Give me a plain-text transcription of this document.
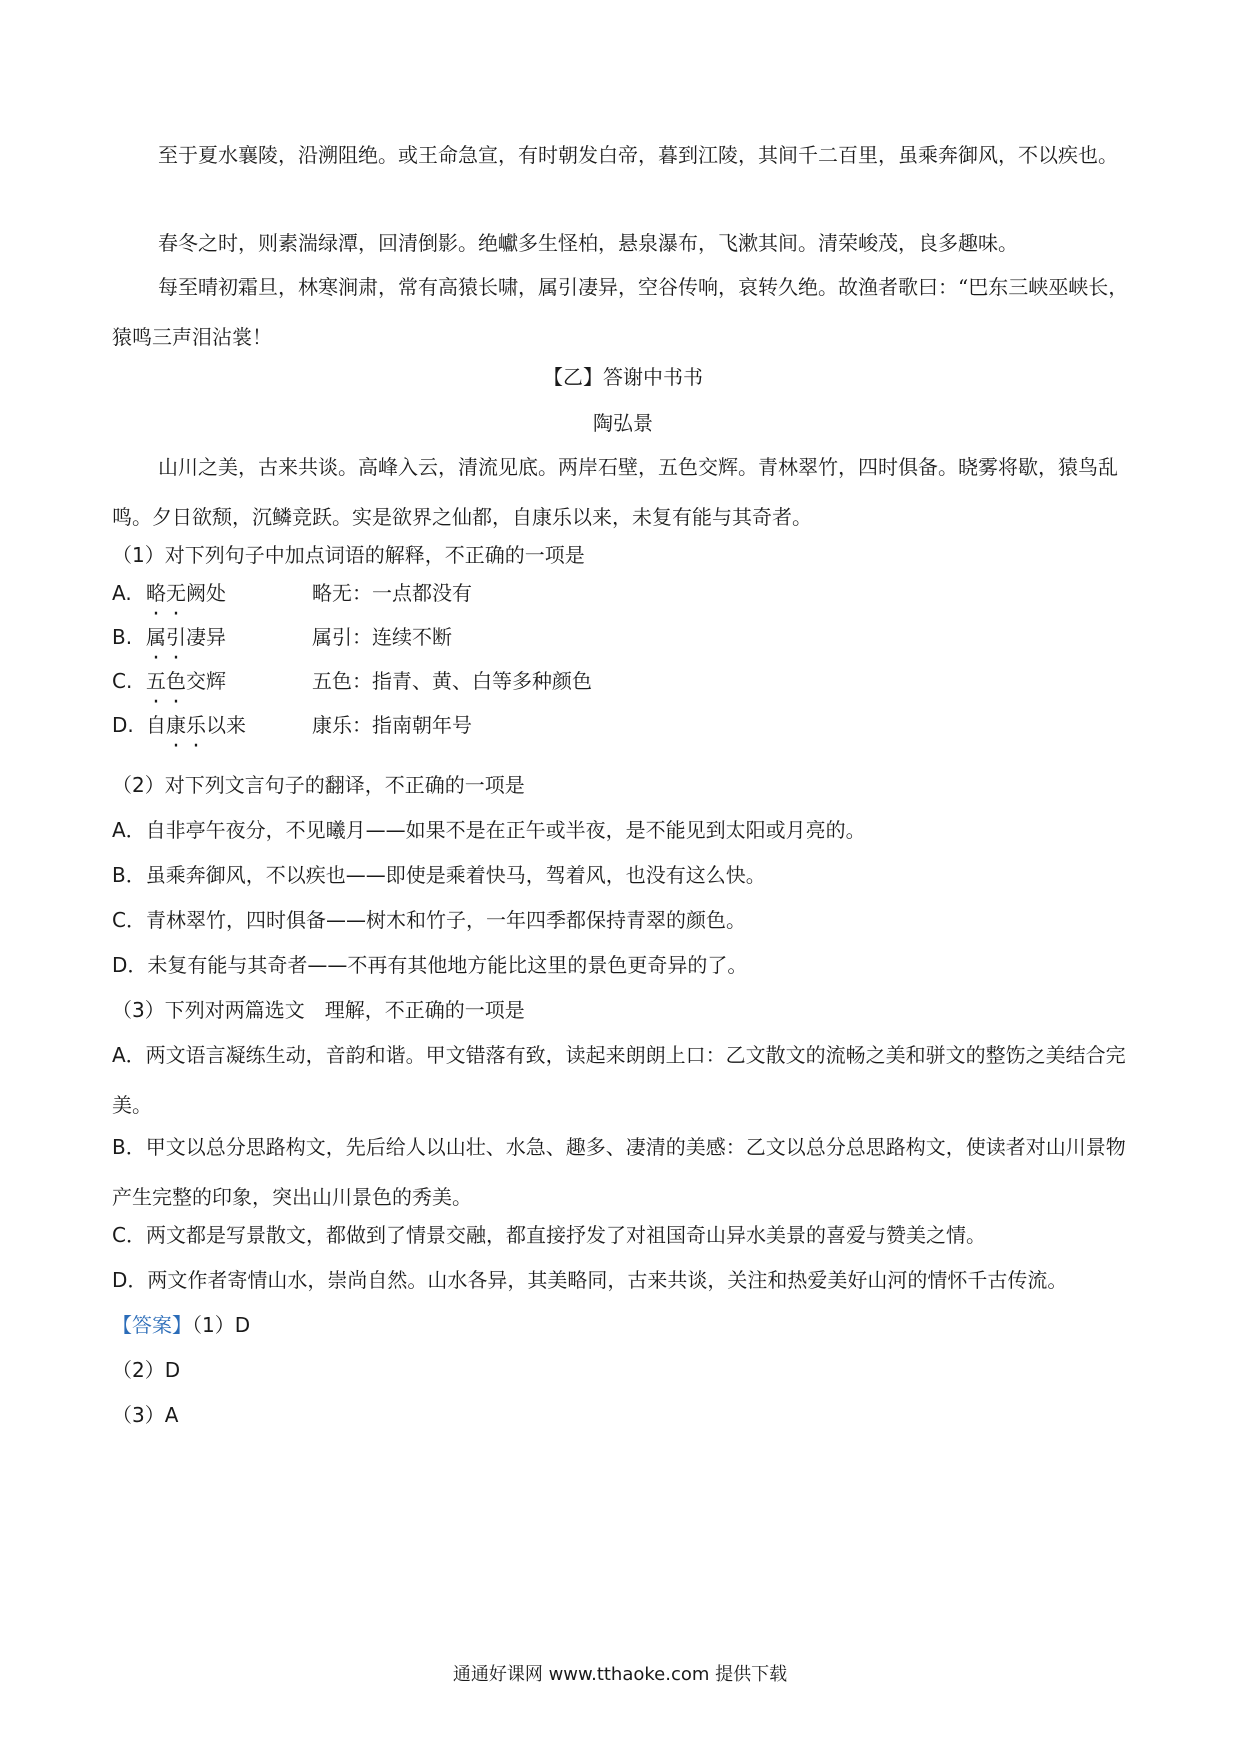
至于夏水襄陵，沿溯阻绝。或王命急宣，有时朝发白帝，暮到江陵，其间千二百里，虽乘奔御风，不以疾也。

春冬之时，则素湍绿潭，回清倒影。绝巘多生怪柏，悬泉瀑布，飞漱其间。清荣峻茂，良多趣味。

每至晴初霜旦，林寒涧肃，常有高猿长啸，属引凄异，空谷传响，哀转久绝。故渔者歌曰：“巴东三峡巫峡长，猿鸣三声泪沾裳！

【乙】答谢中书书

陶弘景

山川之美，古来共谈。高峰入云，清流见底。两岸石壁，五色交辉。青林翠竹，四时俱备。晓雾将歇，猿鸟乱鸣。夕日欲颓，沉鳞竞跃。实是欲界之仙都，自康乐以来，未复有能与其奇者。

（1）对下列句子中加点词语的解释，不正确的一项是

A. 略无阙处	略无：一点都没有
B. 属引凄异	属引：连续不断
C. 五色交辉	五色：指青、黄、白等多种颜色
D. 自康乐以来	康乐：指南朝年号

（2）对下列文言句子的翻译，不正确的一项是

A．自非亭午夜分，不见曦月——如果不是在正午或半夜，是不能见到太阳或月亮的。

B．虽乘奔御风，不以疾也——即使是乘着快马，驾着风，也没有这么快。

C．青林翠竹，四时俱备——树木和竹子，一年四季都保持青翠的颜色。

D．未复有能与其奇者——不再有其他地方能比这里的景色更奇异的了。

（3）下列对两篇选文　理解，不正确的一项是

A．两文语言凝练生动，音韵和谐。甲文错落有致，读起来朗朗上口：乙文散文的流畅之美和骈文的整饬之美结合完美。

B．甲文以总分思路构文，先后给人以山壮、水急、趣多、凄清的美感：乙文以总分总思路构文，使读者对山川景物产生完整的印象，突出山川景色的秀美。

C．两文都是写景散文，都做到了情景交融，都直接抒发了对祖国奇山异水美景的喜爱与赞美之情。

D．两文作者寄情山水，崇尚自然。山水各异，其美略同，古来共谈，关注和热爱美好山河的情怀千古传流。

【答案】（1）D

（2）D

（3）A

通通好课网 www.tthaoke.com 提供下载
